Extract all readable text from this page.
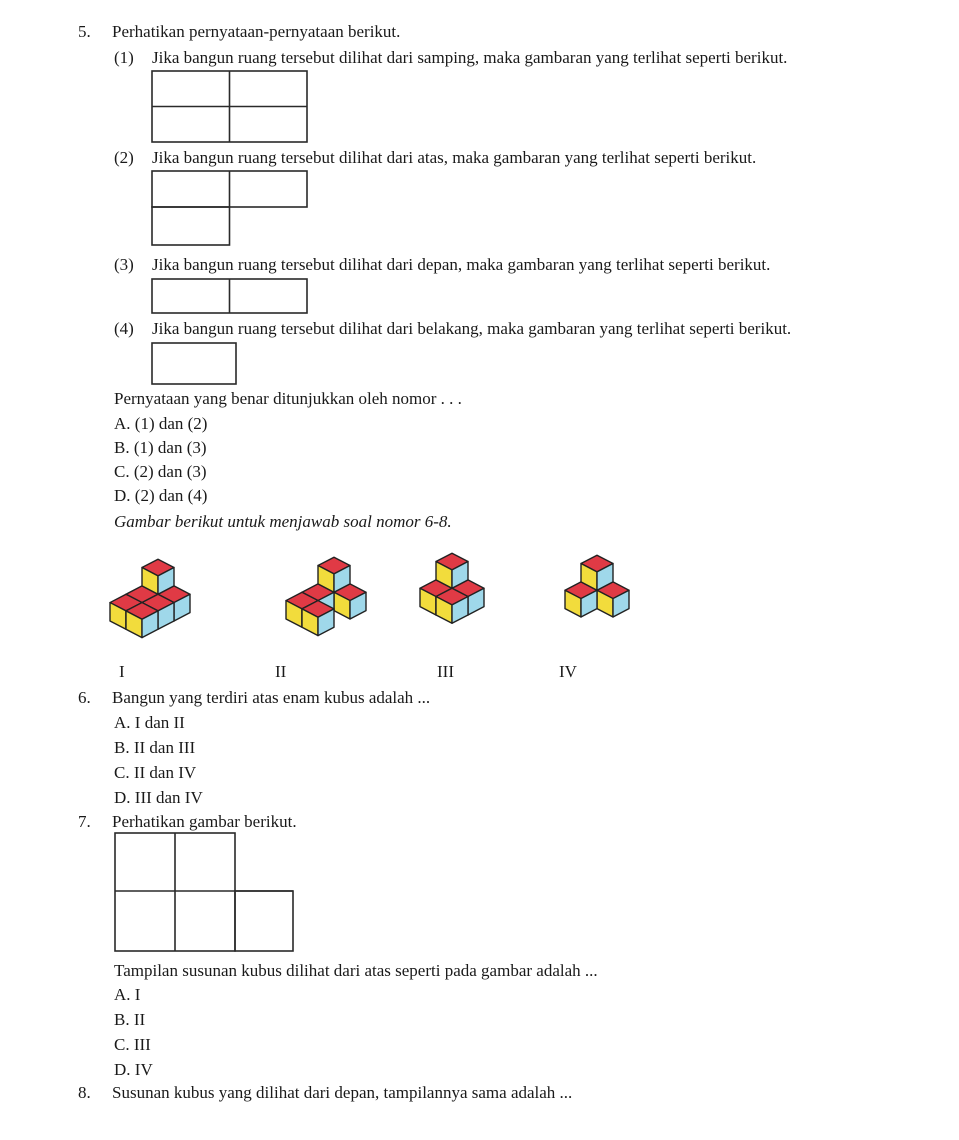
5. Perhatikan pernyataan-pernyataan berikut.
(1) Jika bangun ruang tersebut dilihat dari samping, maka gambaran yang terlihat seperti berikut.
(2) Jika bangun ruang tersebut dilihat dari atas, maka gambaran yang terlihat seperti berikut.
(3) Jika bangun ruang tersebut dilihat dari depan, maka gambaran yang terlihat seperti berikut.
(4) Jika bangun ruang tersebut dilihat dari belakang, maka gambaran yang terlihat seperti berikut.
Pernyataan yang benar ditunjukkan oleh nomor . . .
A. (1) dan (2)
B. (1) dan (3)
C. (2) dan (3)
D. (2) dan (4)
Gambar berikut untuk menjawab soal nomor 6-8.
I	II	III	IV
6. Bangun yang terdiri atas enam kubus adalah ...
A. I dan II
B. II dan III
C. II dan IV
D. III dan IV
7. Perhatikan gambar berikut.
Tampilan susunan kubus dilihat dari atas seperti pada gambar adalah ...
A. I
B. II
C. III
D. IV
8. Susunan kubus yang dilihat dari depan, tampilannya sama adalah ...
